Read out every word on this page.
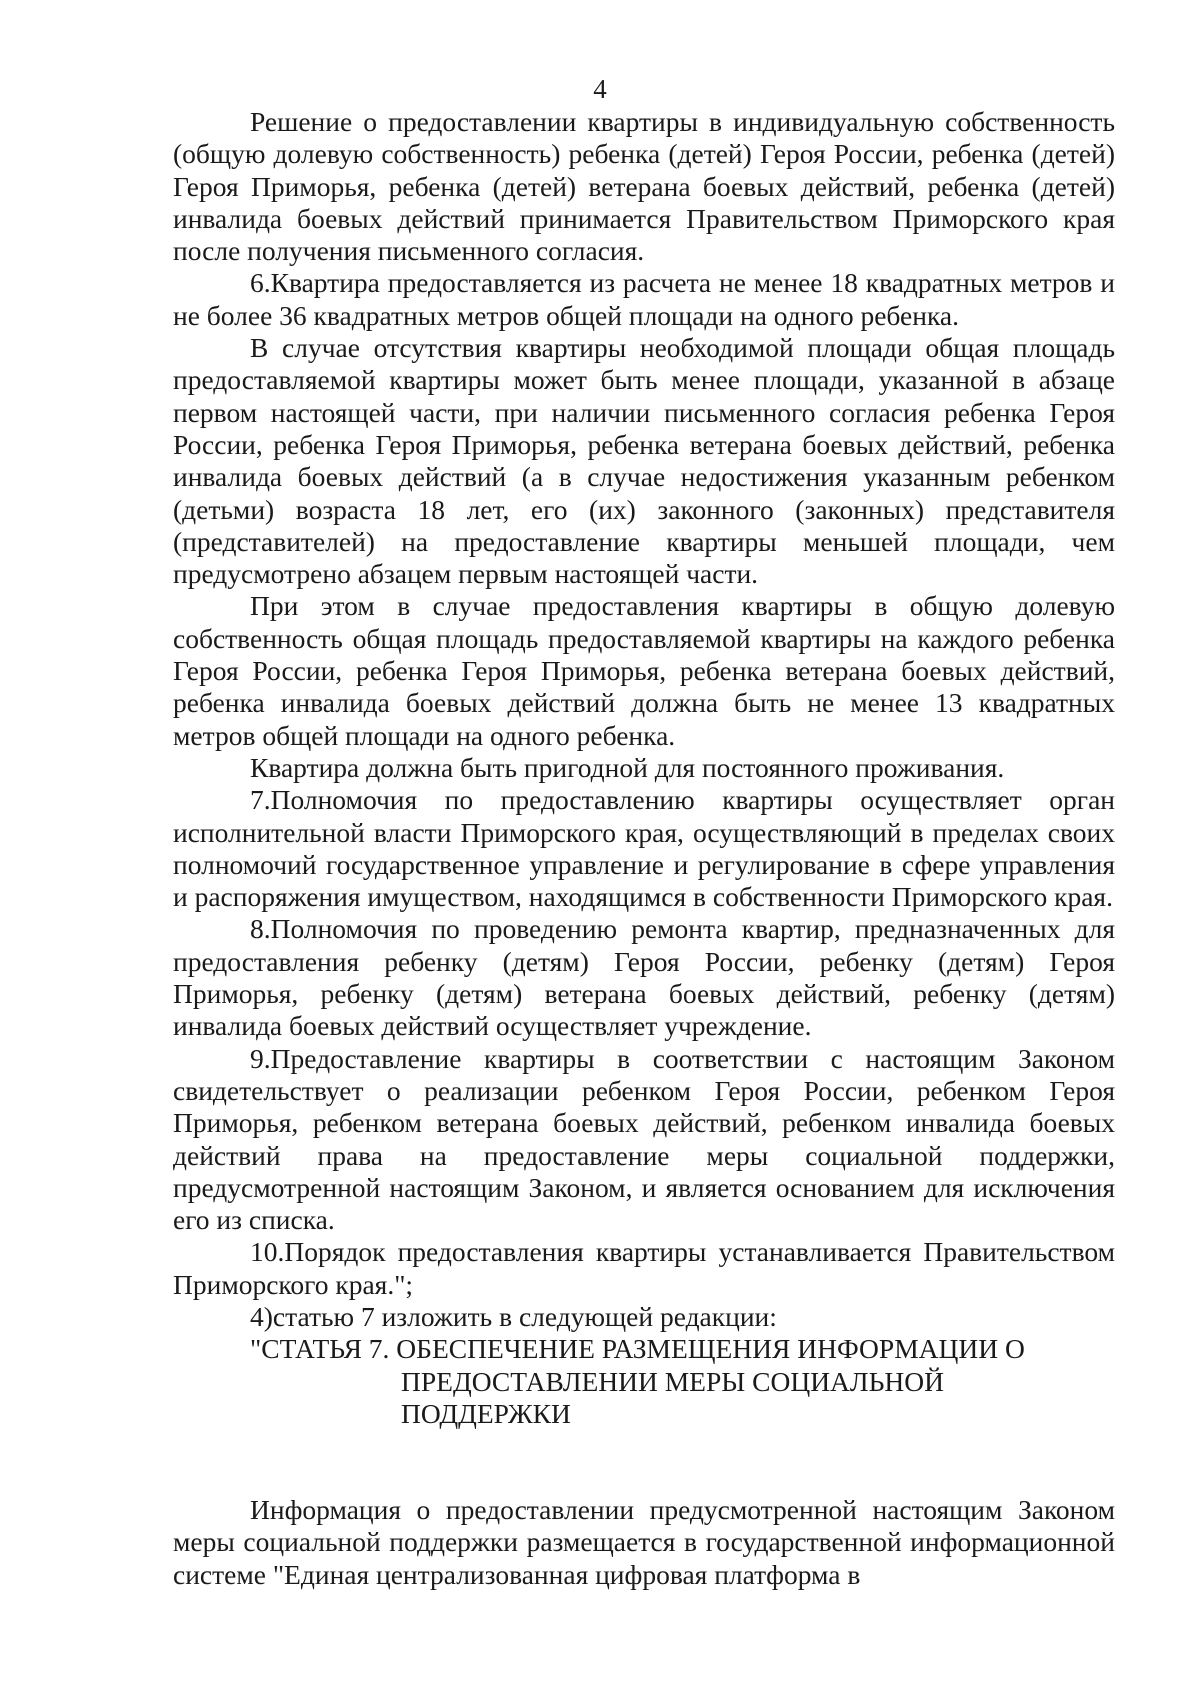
4

Решение о предоставлении квартиры в индивидуальную собственность (общую долевую собственность) ребенка (детей) Героя России, ребенка (детей) Героя Приморья, ребенка (детей) ветерана боевых действий, ребенка (детей) инвалида боевых действий принимается Правительством Приморского края после получения письменного согласия.

6.Квартира предоставляется из расчета не менее 18 квадратных метров и не более 36 квадратных метров общей площади на одного ребенка.

В случае отсутствия квартиры необходимой площади общая площадь предоставляемой квартиры может быть менее площади, указанной в абзаце первом настоящей части, при наличии письменного согласия ребенка Героя России, ребенка Героя Приморья, ребенка ветерана боевых действий, ребенка инвалида боевых действий (а в случае недостижения указанным ребенком (детьми) возраста 18 лет, его (их) законного (законных) представителя (представителей) на предоставление квартиры меньшей площади, чем предусмотрено абзацем первым настоящей части.

При этом в случае предоставления квартиры в общую долевую собственность общая площадь предоставляемой квартиры на каждого ребенка Героя России, ребенка Героя Приморья, ребенка ветерана боевых действий, ребенка инвалида боевых действий должна быть не менее 13 квадратных метров общей площади на одного ребенка.

Квартира должна быть пригодной для постоянного проживания.

7.Полномочия по предоставлению квартиры осуществляет орган исполнительной власти Приморского края, осуществляющий в пределах своих полномочий государственное управление и регулирование в сфере управления и распоряжения имуществом, находящимся в собственности Приморского края.

8.Полномочия по проведению ремонта квартир, предназначенных для предоставления ребенку (детям) Героя России, ребенку (детям) Героя Приморья, ребенку (детям) ветерана боевых действий, ребенку (детям) инвалида боевых действий осуществляет учреждение.

9.Предоставление квартиры в соответствии с настоящим Законом свидетельствует о реализации ребенком Героя России, ребенком Героя Приморья, ребенком ветерана боевых действий, ребенком инвалида боевых действий права на предоставление меры социальной поддержки, предусмотренной настоящим Законом, и является основанием для исключения его из списка.

10.Порядок предоставления квартиры устанавливается Правительством Приморского края.";

4)статью 7 изложить в следующей редакции:

"СТАТЬЯ 7. ОБЕСПЕЧЕНИЕ РАЗМЕЩЕНИЯ ИНФОРМАЦИИ О
ПРЕДОСТАВЛЕНИИ МЕРЫ СОЦИАЛЬНОЙ
ПОДДЕРЖКИ

Информация о предоставлении предусмотренной настоящим Законом меры социальной поддержки размещается в государственной информационной системе "Единая централизованная цифровая платформа в
